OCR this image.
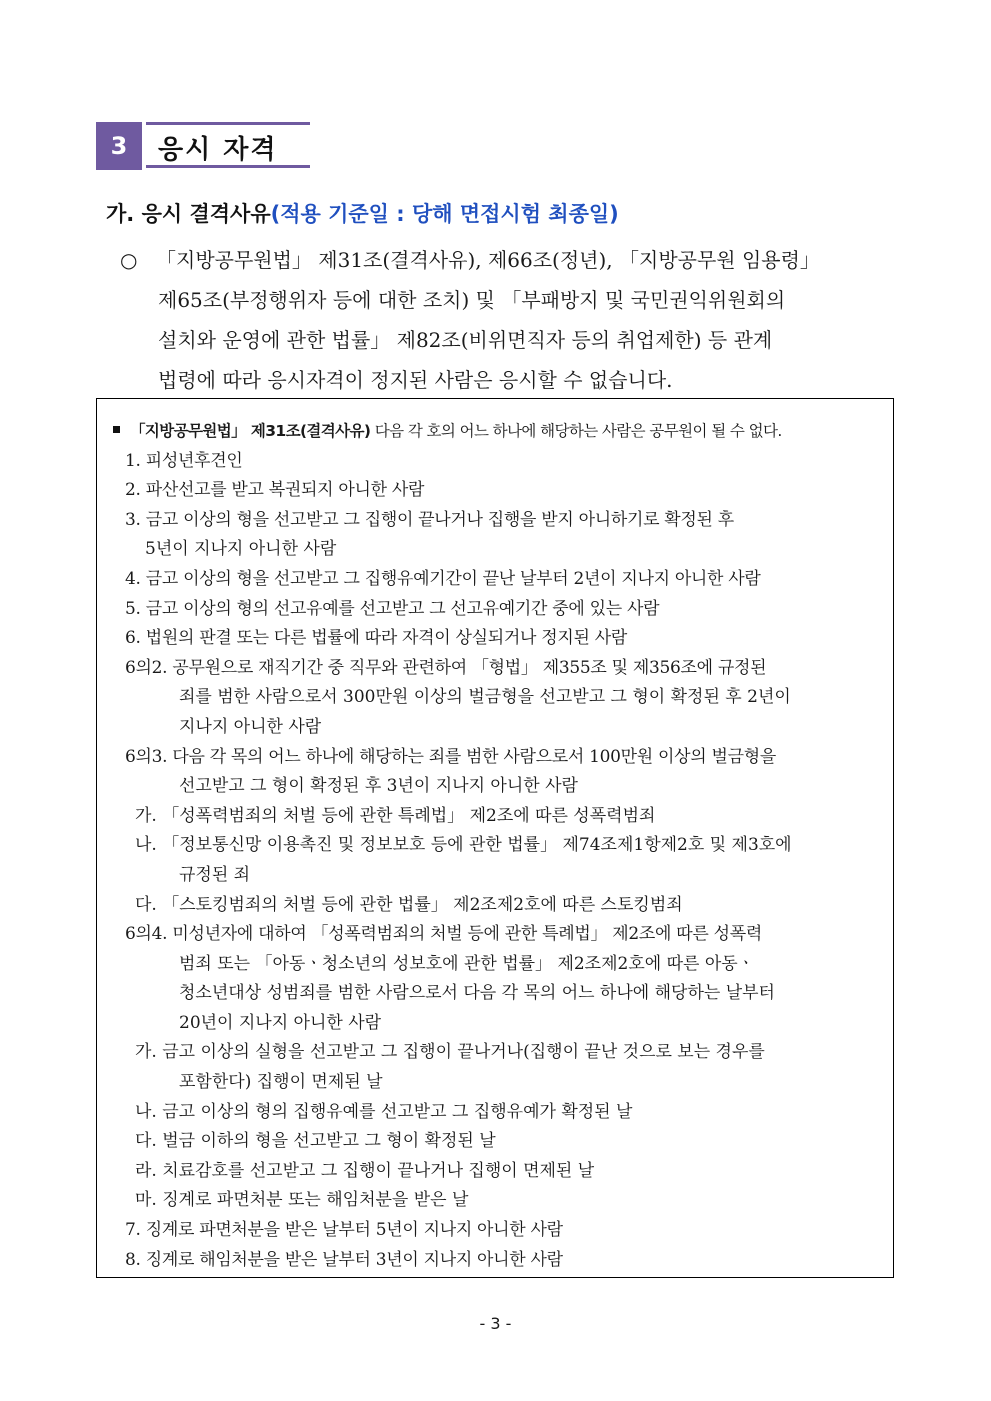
3	응시 자격
가. 응시 결격사유(적용 기준일 : 당해 면접시험 최종일)
○ 「지방공무원법」 제31조(결격사유), 제66조(정년), 「지방공무원 임용령」
제65조(부정행위자 등에 대한 조치) 및 「부패방지 및 국민권익위원회의
설치와 운영에 관한 법률」 제82조(비위면직자 등의 취업제한) 등 관계
법령에 따라 응시자격이 정지된 사람은 응시할 수 없습니다.
「지방공무원법」 제31조(결격사유) 다음 각 호의 어느 하나에 해당하는 사람은 공무원이 될 수 없다.
1. 피성년후견인
2. 파산선고를 받고 복권되지 아니한 사람
3. 금고 이상의 형을 선고받고 그 집행이 끝나거나 집행을 받지 아니하기로 확정된 후
5년이 지나지 아니한 사람
4. 금고 이상의 형을 선고받고 그 집행유예기간이 끝난 날부터 2년이 지나지 아니한 사람
5. 금고 이상의 형의 선고유예를 선고받고 그 선고유예기간 중에 있는 사람
6. 법원의 판결 또는 다른 법률에 따라 자격이 상실되거나 정지된 사람
6의2. 공무원으로 재직기간 중 직무와 관련하여 「형법」 제355조 및 제356조에 규정된
죄를 범한 사람으로서 300만원 이상의 벌금형을 선고받고 그 형이 확정된 후 2년이
지나지 아니한 사람
6의3. 다음 각 목의 어느 하나에 해당하는 죄를 범한 사람으로서 100만원 이상의 벌금형을
선고받고 그 형이 확정된 후 3년이 지나지 아니한 사람
가. 「성폭력범죄의 처벌 등에 관한 특례법」 제2조에 따른 성폭력범죄
나. 「정보통신망 이용촉진 및 정보보호 등에 관한 법률」 제74조제1항제2호 및 제3호에
규정된 죄
다. 「스토킹범죄의 처벌 등에 관한 법률」 제2조제2호에 따른 스토킹범죄
6의4. 미성년자에 대하여 「성폭력범죄의 처벌 등에 관한 특례법」 제2조에 따른 성폭력
범죄 또는 「아동ㆍ청소년의 성보호에 관한 법률」 제2조제2호에 따른 아동ㆍ
청소년대상 성범죄를 범한 사람으로서 다음 각 목의 어느 하나에 해당하는 날부터
20년이 지나지 아니한 사람
가. 금고 이상의 실형을 선고받고 그 집행이 끝나거나(집행이 끝난 것으로 보는 경우를
포함한다) 집행이 면제된 날
나. 금고 이상의 형의 집행유예를 선고받고 그 집행유예가 확정된 날
다. 벌금 이하의 형을 선고받고 그 형이 확정된 날
라. 치료감호를 선고받고 그 집행이 끝나거나 집행이 면제된 날
마. 징계로 파면처분 또는 해임처분을 받은 날
7. 징계로 파면처분을 받은 날부터 5년이 지나지 아니한 사람
8. 징계로 해임처분을 받은 날부터 3년이 지나지 아니한 사람
- 3 -
